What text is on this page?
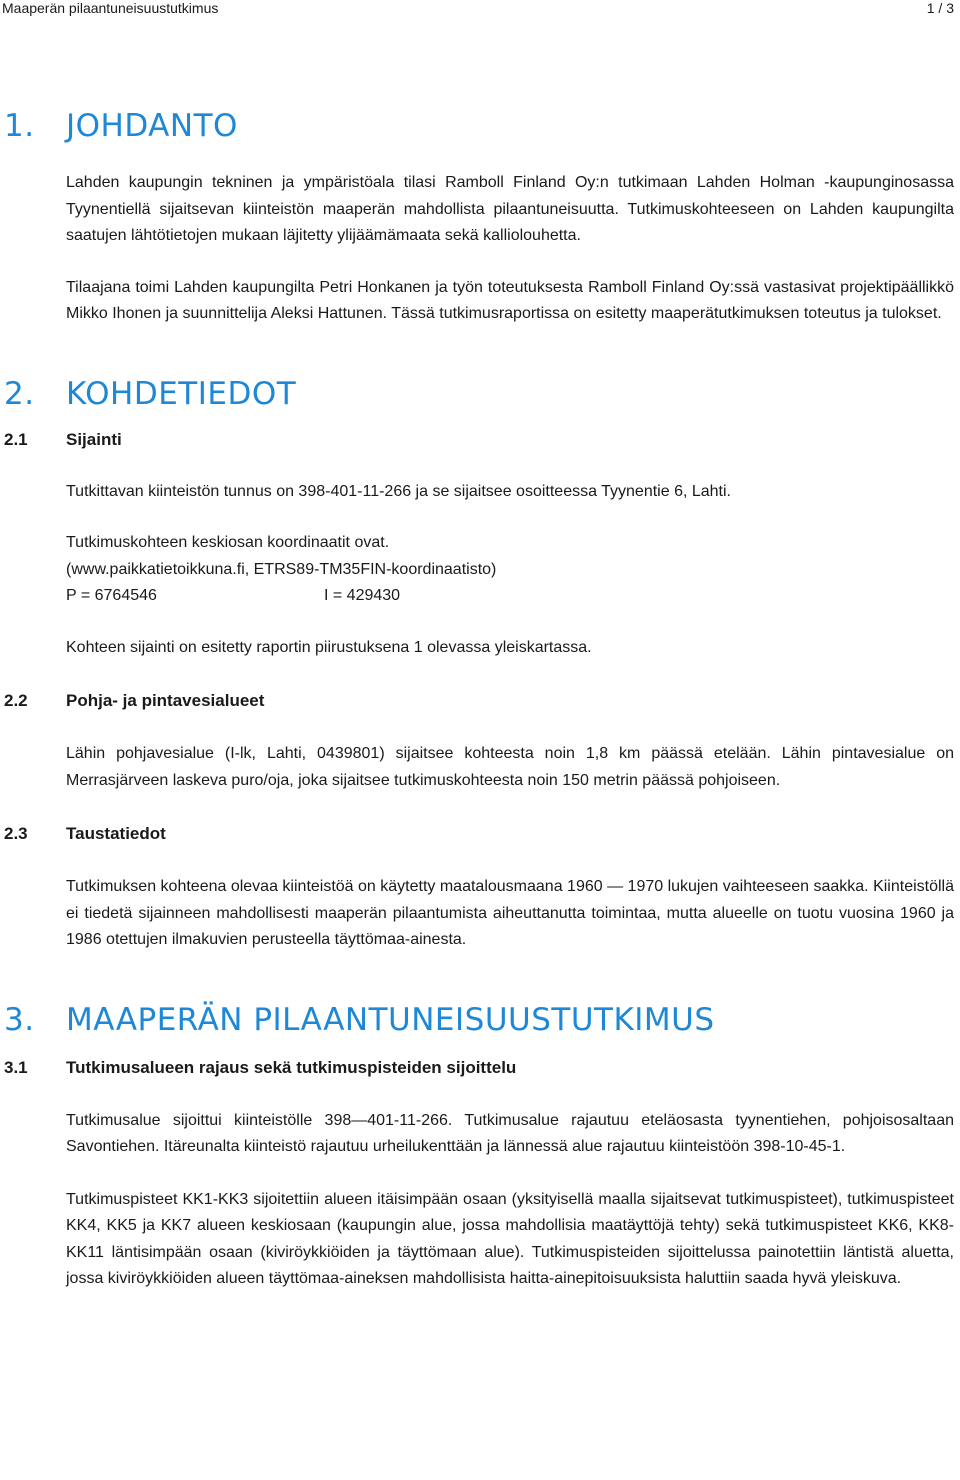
Maaperän pilaantuneisuustutkimus	1 / 3
1. JOHDANTO

Lahden kaupungin tekninen ja ympäristöala tilasi Ramboll Finland Oy:n tutkimaan Lahden Holman -kaupunginosassa Tyynentiellä sijaitsevan kiinteistön maaperän mahdollista pilaantuneisuutta. Tutkimuskohteeseen on Lahden kaupungilta saatujen lähtötietojen mukaan läjitetty ylijäämämaata sekä kalliolouhetta.

Tilaajana toimi Lahden kaupungilta Petri Honkanen ja työn toteutuksesta Ramboll Finland Oy:ssä vastasivat projektipäällikkö Mikko Ihonen ja suunnittelija Aleksi Hattunen. Tässä tutkimusraportissa on esitetty maaperätutkimuksen toteutus ja tulokset.

2. KOHDETIEDOT
2.1 Sijainti

Tutkittavan kiinteistön tunnus on 398-401-11-266 ja se sijaitsee osoitteessa Tyynentie 6, Lahti.

Tutkimuskohteen keskiosan koordinaatit ovat.

(www.paikkatietoikkuna.fi, ETRS89-TM35FIN-koordinaatisto)

P = 6764546	I = 429430

Kohteen sijainti on esitetty raportin piirustuksena 1 olevassa yleiskartassa.

2.2 Pohja- ja pintavesialueet

Lähin pohjavesialue (I-lk, Lahti, 0439801) sijaitsee kohteesta noin 1,8 km päässä etelään. Lähin pintavesialue on Merrasjärveen laskeva puro/oja, joka sijaitsee tutkimuskohteesta noin 150 metrin päässä pohjoiseen.

2.3 Taustatiedot

Tutkimuksen kohteena olevaa kiinteistöä on käytetty maatalousmaana 1960 — 1970 lukujen vaihteeseen saakka. Kiinteistöllä ei tiedetä sijainneen mahdollisesti maaperän pilaantumista aiheuttanutta toimintaa, mutta alueelle on tuotu vuosina 1960 ja 1986 otettujen ilmakuvien perusteella täyttömaa-ainesta.

3. MAAPERÄN PILAANTUNEISUUSTUTKIMUS
3.1 Tutkimusalueen rajaus sekä tutkimuspisteiden sijoittelu

Tutkimusalue sijoittui kiinteistölle 398—401-11-266. Tutkimusalue rajautuu eteläosasta tyynentiehen, pohjoisosaltaan Savontiehen. Itäreunalta kiinteistö rajautuu urheilukenttään ja lännessä alue rajautuu kiinteistöön 398-10-45-1.

Tutkimuspisteet KK1-KK3 sijoitettiin alueen itäisimpään osaan (yksityisellä maalla sijaitsevat tutkimuspisteet), tutkimuspisteet KK4, KK5 ja KK7 alueen keskiosaan (kaupungin alue, jossa mahdollisia maatäyttöjä tehty) sekä tutkimuspisteet KK6, KK8-KK11 läntisimpään osaan (kiviröykkiöiden ja täyttömaan alue). Tutkimuspisteiden sijoittelussa painotettiin läntistä aluetta, jossa kiviröykkiöiden alueen täyttömaa-aineksen mahdollisista haitta-ainepitoisuuksista haluttiin saada hyvä yleiskuva.
